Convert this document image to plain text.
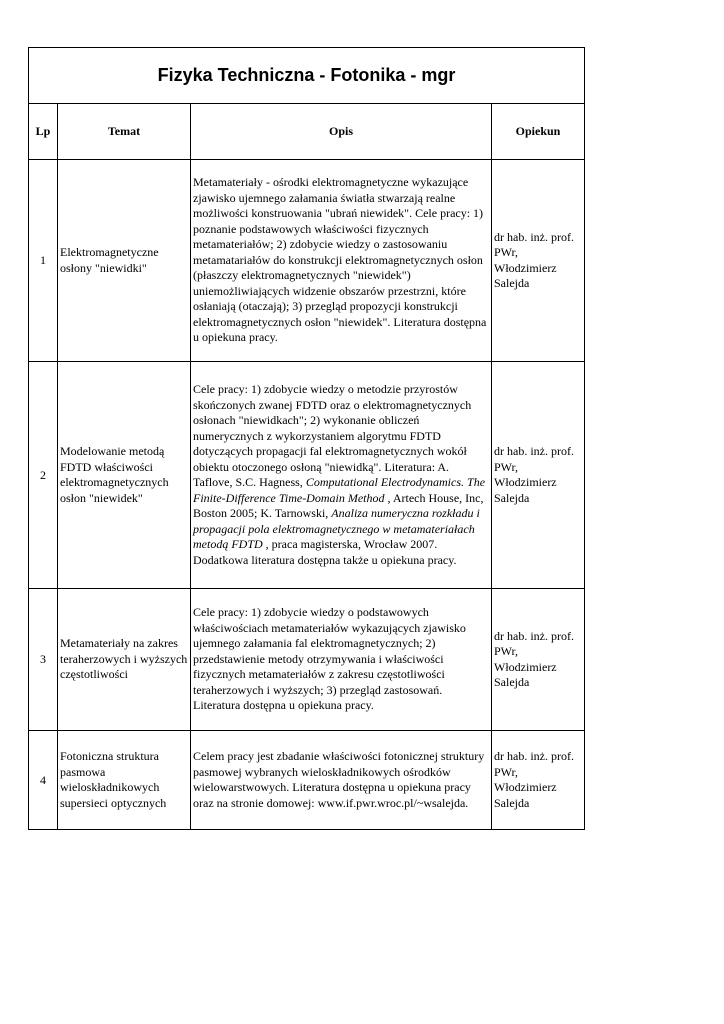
Fizyka Techniczna - Fotonika - mgr			
Lp	Temat	Opis	Opiekun
1	Elektromagnetyczne osłony "niewidki"	Metamateriały - ośrodki elektromagnetyczne wykazujące zjawisko ujemnego załamania światła stwarzają realne możliwości konstruowania "ubrań niewidek". Cele pracy: 1) poznanie podstawowych właściwości fizycznych metamateriałów; 2) zdobycie wiedzy o zastosowaniu metamatariałów do konstrukcji elektromagnetycznych osłon (płaszczy elektromagnetycznych "niewidek") uniemożliwiających widzenie obszarów przestrzni, które osłaniają (otaczają); 3) przegląd propozycji konstrukcji elektromagnetycznych osłon "niewidek". Literatura dostępna u opiekuna pracy.	dr hab. inż. prof. PWr, Włodzimierz Salejda
2	Modelowanie metodą FDTD właściwości elektromagnetycznych osłon "niewidek"	Cele pracy: 1) zdobycie wiedzy o metodzie przyrostów skończonych zwanej FDTD oraz o elektromagnetycznych osłonach "niewidkach"; 2) wykonanie obliczeń numerycznych z wykorzystaniem algorytmu FDTD dotyczących propagacji fal elektromagnetycznych wokół obiektu otoczonego osłoną "niewidką". Literatura: A. Taflove, S.C. Hagness, Computational Electrodynamics. The Finite-Difference Time-Domain Method , Artech House, Inc, Boston 2005; K. Tarnowski, Analiza numeryczna rozkładu i propagacji pola elektromagnetycznego w metamateriałach metodą FDTD , praca magisterska, Wrocław 2007. Dodatkowa literatura dostępna także u opiekuna pracy.	dr hab. inż. prof. PWr, Włodzimierz Salejda
3	Metamateriały na zakres teraherzowych i wyższych częstotliwości	Cele pracy: 1) zdobycie wiedzy o podstawowych właściwościach metamateriałów wykazujących zjawisko ujemnego załamania fal elektromagnetycznych; 2) przedstawienie metody otrzymywania i właściwości fizycznych metamateriałów z zakresu częstotliwości teraherzowych i wyższych; 3) przegląd zastosowań. Literatura dostępna u opiekuna pracy.	dr hab. inż. prof. PWr, Włodzimierz Salejda
4	Fotoniczna struktura pasmowa wieloskładnikowych supersieci optycznych	Celem pracy jest zbadanie właściwości fotonicznej struktury pasmowej wybranych wieloskładnikowych ośrodków wielowarstwowych. Literatura dostępna u opiekuna pracy oraz na stronie domowej: www.if.pwr.wroc.pl/~wsalejda.	dr hab. inż. prof. PWr, Włodzimierz Salejda
